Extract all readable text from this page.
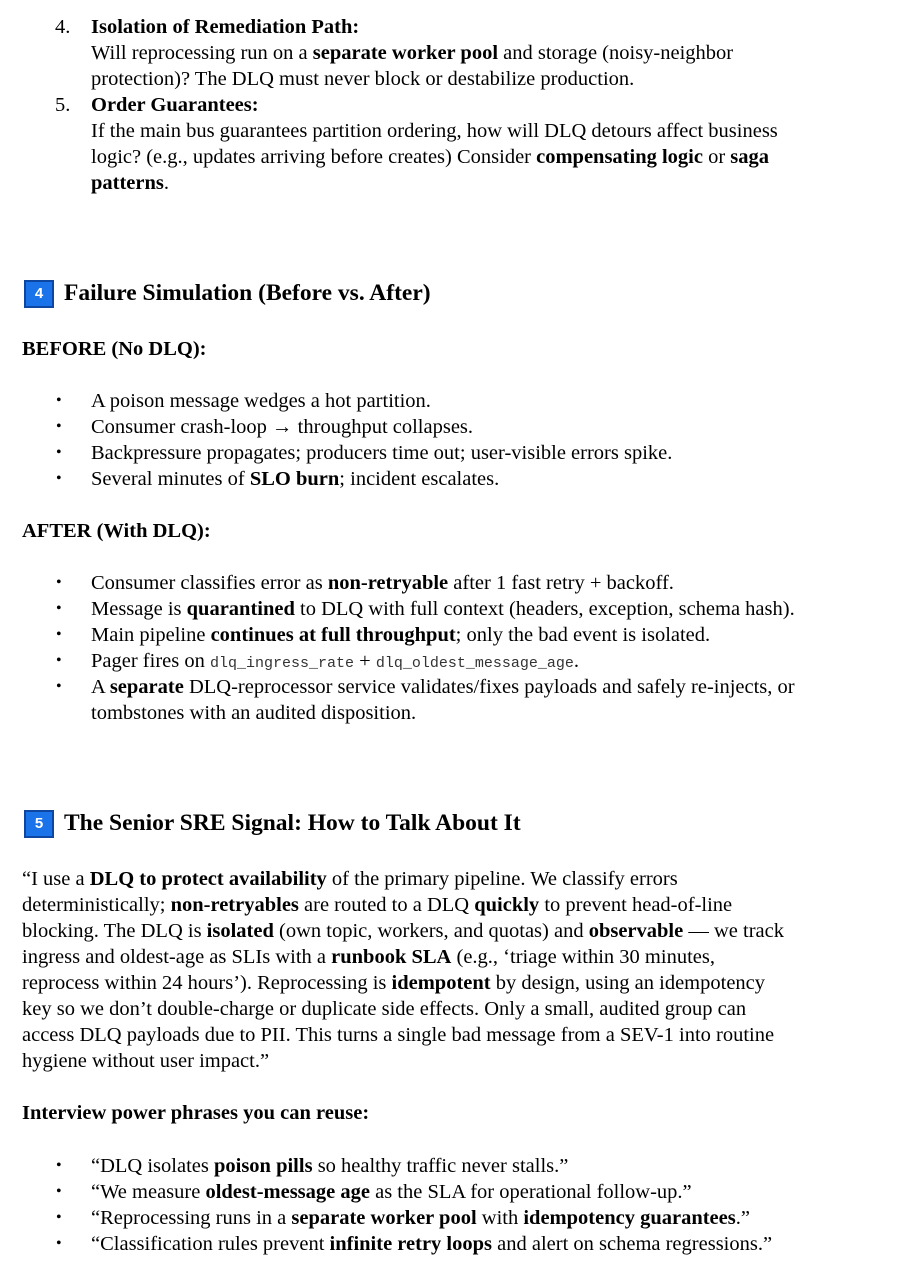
4. Isolation of Remediation Path:
Will reprocessing run on a separate worker pool and storage (noisy-neighbor
protection)? The DLQ must never block or destabilize production.
5. Order Guarantees:
If the main bus guarantees partition ordering, how will DLQ detours affect business
logic? (e.g., updates arriving before creates) Consider compensating logic or saga
patterns.
4 Failure Simulation (Before vs. After)
BEFORE (No DLQ):
• A poison message wedges a hot partition.
• Consumer crash-loop → throughput collapses.
• Backpressure propagates; producers time out; user-visible errors spike.
• Several minutes of SLO burn; incident escalates.
AFTER (With DLQ):
• Consumer classifies error as non-retryable after 1 fast retry + backoff.
• Message is quarantined to DLQ with full context (headers, exception, schema hash).
• Main pipeline continues at full throughput; only the bad event is isolated.
• Pager fires on dlq_ingress_rate + dlq_oldest_message_age.
• A separate DLQ-reprocessor service validates/fixes payloads and safely re-injects, or
tombstones with an audited disposition.
5 The Senior SRE Signal: How to Talk About It
“I use a DLQ to protect availability of the primary pipeline. We classify errors
deterministically; non-retryables are routed to a DLQ quickly to prevent head-of-line
blocking. The DLQ is isolated (own topic, workers, and quotas) and observable — we track
ingress and oldest-age as SLIs with a runbook SLA (e.g., ‘triage within 30 minutes,
reprocess within 24 hours’). Reprocessing is idempotent by design, using an idempotency
key so we don’t double-charge or duplicate side effects. Only a small, audited group can
access DLQ payloads due to PII. This turns a single bad message from a SEV-1 into routine
hygiene without user impact.”
Interview power phrases you can reuse:
• “DLQ isolates poison pills so healthy traffic never stalls.”
• “We measure oldest-message age as the SLA for operational follow-up.”
• “Reprocessing runs in a separate worker pool with idempotency guarantees.”
• “Classification rules prevent infinite retry loops and alert on schema regressions.”
